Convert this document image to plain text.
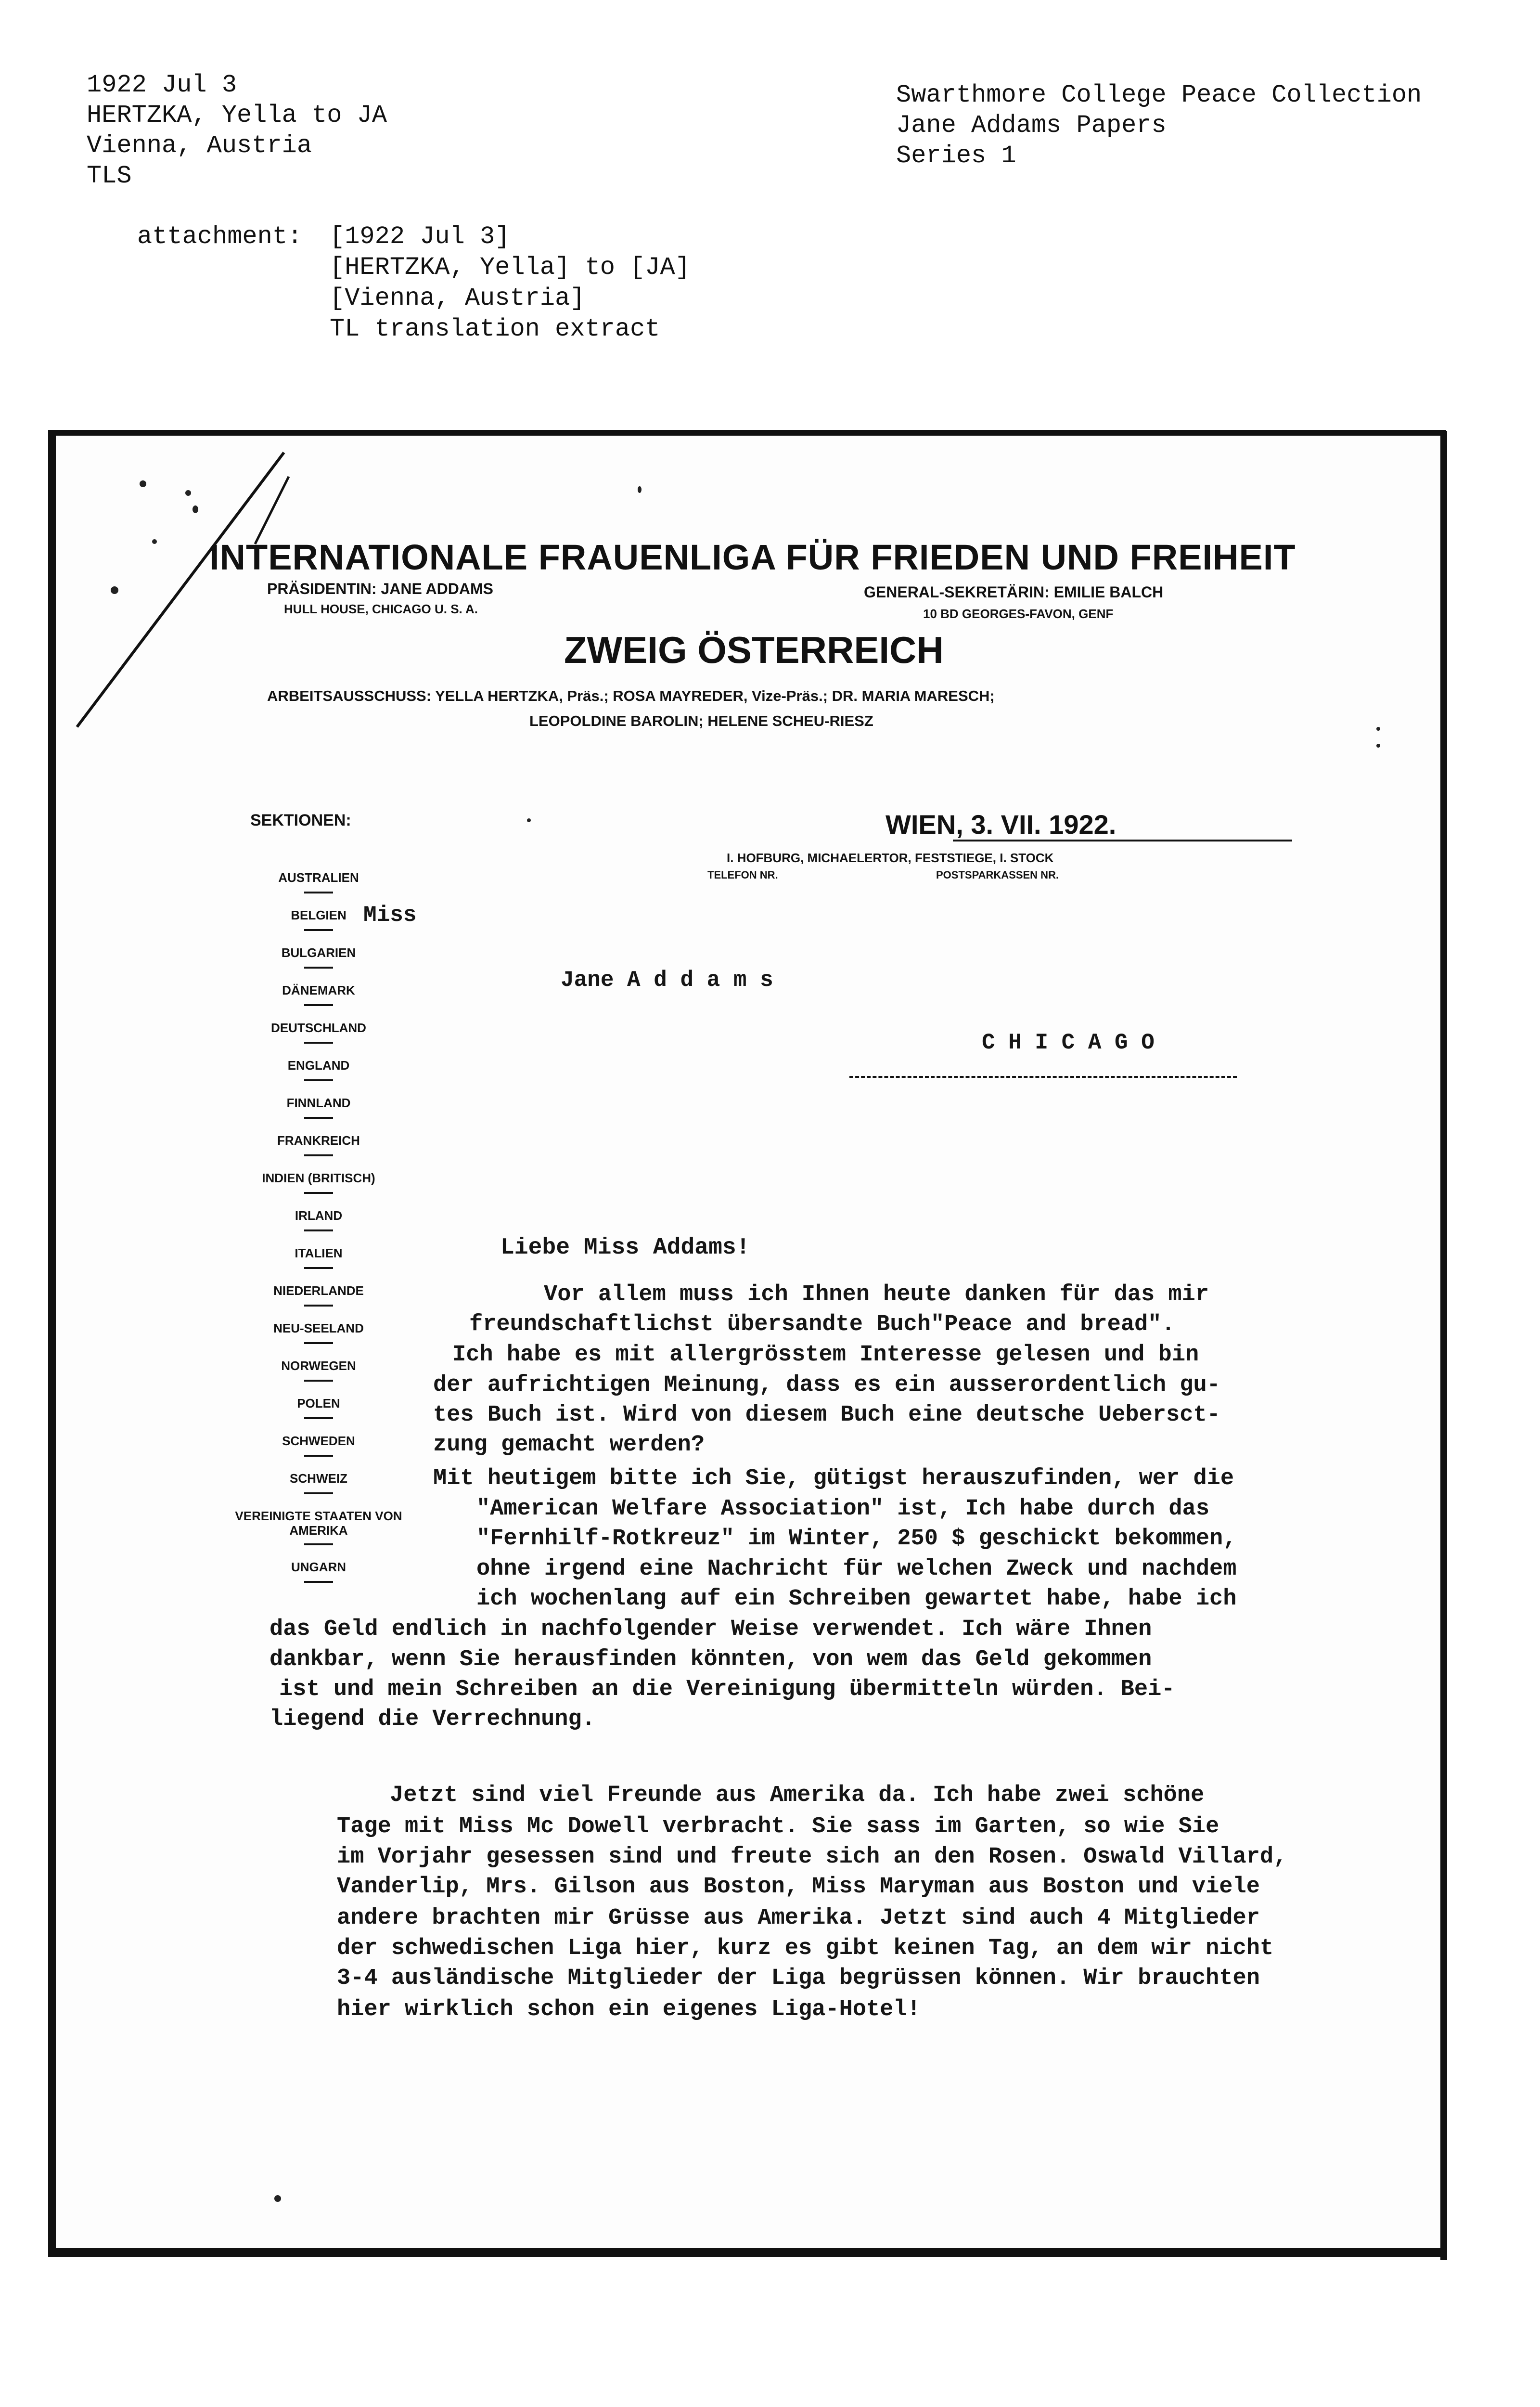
1922 Jul 3
HERTZKA, Yella to JA
Vienna, Austria
TLS
Swarthmore College Peace Collection
Jane Addams Papers
Series 1
attachment: [1922 Jul 3]
[HERTZKA, Yella] to [JA]
[Vienna, Austria]
TL translation extract
INTERNATIONALE FRAUENLIGA FÜR FRIEDEN UND FREIHEIT
PRÄSIDENTIN: JANE ADDAMS
HULL HOUSE, CHICAGO U. S. A.
GENERAL-SEKRETÄRIN: EMILIE BALCH
10 BD GEORGES-FAVON, GENF
ZWEIG ÖSTERREICH
ARBEITSAUSSCHUSS: YELLA HERTZKA, Präs.; ROSA MAYREDER, Vize-Präs.; DR. MARIA MARESCH;
LEOPOLDINE BAROLIN; HELENE SCHEU-RIESZ
WIEN, 3. VII. 1922.
I. HOFBURG, MICHAELERTOR, FESTSTIEGE, I. STOCK
TELEFON NR.	POSTSPARKASSEN NR.
SEKTIONEN:
AUSTRALIEN
BELGIEN
BULGARIEN
DÄNEMARK
DEUTSCHLAND
ENGLAND
FINNLAND
FRANKREICH
INDIEN (BRITISCH)
IRLAND
ITALIEN
NIEDERLANDE
NEU-SEELAND
NORWEGEN
POLEN
SCHWEDEN
SCHWEIZ
VEREINIGTE STAATEN VON AMERIKA
UNGARN
Miss
Jane A d d a m s
C H I C A G O
Liebe Miss Addams!
Vor allem muss ich Ihnen heute danken für das mir
freundschaftlichst übersandte Buch"Peace and bread".
Ich habe es mit allergrösstem Interesse gelesen und bin
der aufrichtigen Meinung, dass es ein ausserordentlich gu-
tes Buch ist. Wird von diesem Buch eine deutsche Uebersct-
zung gemacht werden?
Mit heutigem bitte ich Sie, gütigst herauszufinden, wer die
"American Welfare Association" ist, Ich habe durch das
"Fernhilf-Rotkreuz" im Winter, 250 $ geschickt bekommen,
ohne irgend eine Nachricht für welchen Zweck und nachdem
ich wochenlang auf ein Schreiben gewartet habe, habe ich
das Geld endlich in nachfolgender Weise verwendet. Ich wäre Ihnen
dankbar, wenn Sie herausfinden könnten, von wem das Geld gekommen
ist und mein Schreiben an die Vereinigung übermitteln würden. Bei-
liegend die Verrechnung.
Jetzt sind viel Freunde aus Amerika da. Ich habe zwei schöne
Tage mit Miss Mc Dowell verbracht. Sie sass im Garten, so wie Sie
im Vorjahr gesessen sind und freute sich an den Rosen. Oswald Villard,
Vanderlip, Mrs. Gilson aus Boston, Miss Maryman aus Boston und viele
andere brachten mir Grüsse aus Amerika. Jetzt sind auch 4 Mitglieder
der schwedischen Liga hier, kurz es gibt keinen Tag, an dem wir nicht
3-4 ausländische Mitglieder der Liga begrüssen können. Wir brauchten
hier wirklich schon ein eigenes Liga-Hotel!
